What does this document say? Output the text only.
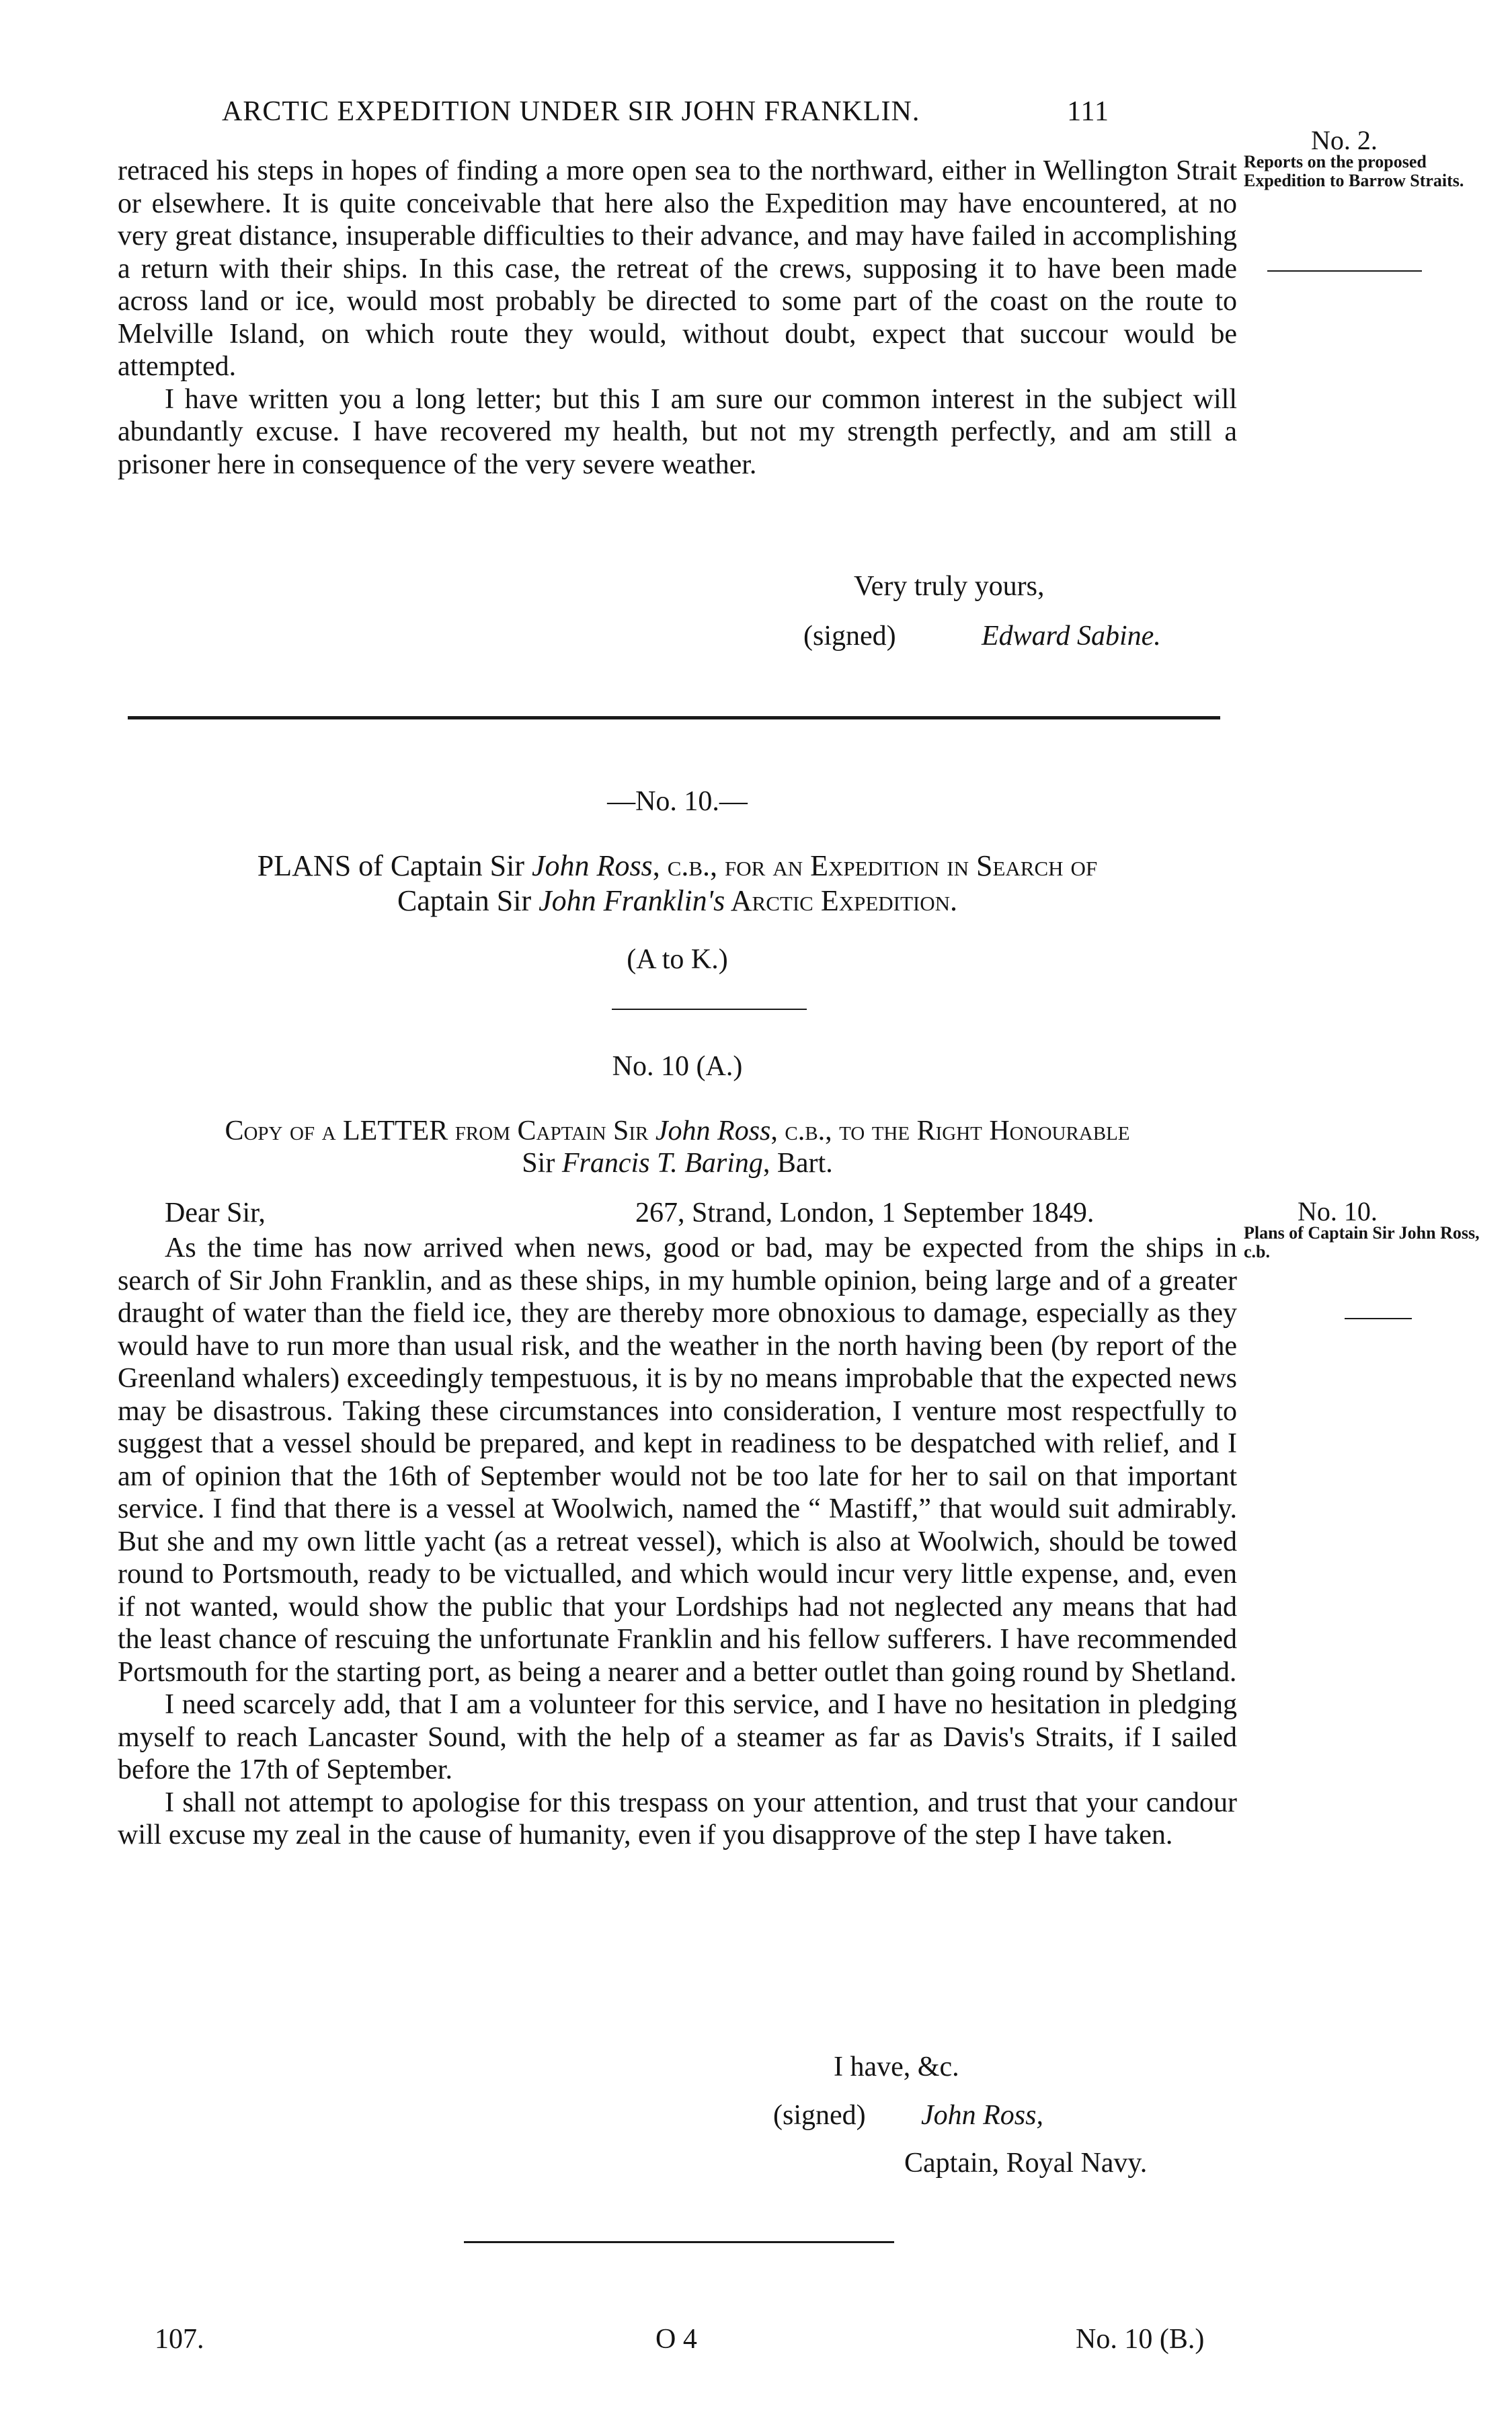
ARCTIC EXPEDITION UNDER SIR JOHN FRANKLIN.	111
No. 2.
Reports on the proposed Expedition to Barrow Straits.
No. 10.
Plans of Captain Sir John Ross, c.b.

retraced his steps in hopes of finding a more open sea to the northward, either in Wellington Strait or elsewhere. It is quite conceivable that here also the Expedition may have encountered, at no very great distance, insuperable difficulties to their advance, and may have failed in accomplishing a return with their ships. In this case, the retreat of the crews, supposing it to have been made across land or ice, would most probably be directed to some part of the coast on the route to Melville Island, on which route they would, without doubt, expect that succour would be attempted.

I have written you a long letter; but this I am sure our common interest in the subject will abundantly excuse. I have recovered my health, but not my strength perfectly, and am still a prisoner here in consequence of the very severe weather.

Very truly yours,
(signed)	Edward Sabine.
—No. 10.—
PLANS of Captain Sir John Ross, c.b., for an Expedition in Search of
Captain Sir John Franklin's Arctic Expedition.
(A to K.)
No. 10 (A.)
Copy of a LETTER from Captain Sir John Ross, c.b., to the Right Honourable
Sir Francis T. Baring, Bart.
Dear Sir,	267, Strand, London, 1 September 1849.

As the time has now arrived when news, good or bad, may be expected from the ships in search of Sir John Franklin, and as these ships, in my humble opinion, being large and of a greater draught of water than the field ice, they are thereby more obnoxious to damage, especially as they would have to run more than usual risk, and the weather in the north having been (by report of the Greenland whalers) exceedingly tempestuous, it is by no means improbable that the expected news may be disastrous. Taking these circumstances into consideration, I venture most respectfully to suggest that a vessel should be prepared, and kept in readiness to be despatched with relief, and I am of opinion that the 16th of September would not be too late for her to sail on that important service. I find that there is a vessel at Woolwich, named the “ Mastiff,” that would suit admirably. But she and my own little yacht (as a retreat vessel), which is also at Woolwich, should be towed round to Portsmouth, ready to be victualled, and which would incur very little expense, and, even if not wanted, would show the public that your Lordships had not neglected any means that had the least chance of rescuing the unfortunate Franklin and his fellow sufferers. I have recommended Portsmouth for the starting port, as being a nearer and a better outlet than going round by Shetland.

I need scarcely add, that I am a volunteer for this service, and I have no hesitation in pledging myself to reach Lancaster Sound, with the help of a steamer as far as Davis's Straits, if I sailed before the 17th of September.

I shall not attempt to apologise for this trespass on your attention, and trust that your candour will excuse my zeal in the cause of humanity, even if you disapprove of the step I have taken.

I have, &c.
(signed) John Ross,
Captain, Royal Navy.
107.	O 4	No. 10 (B.)
